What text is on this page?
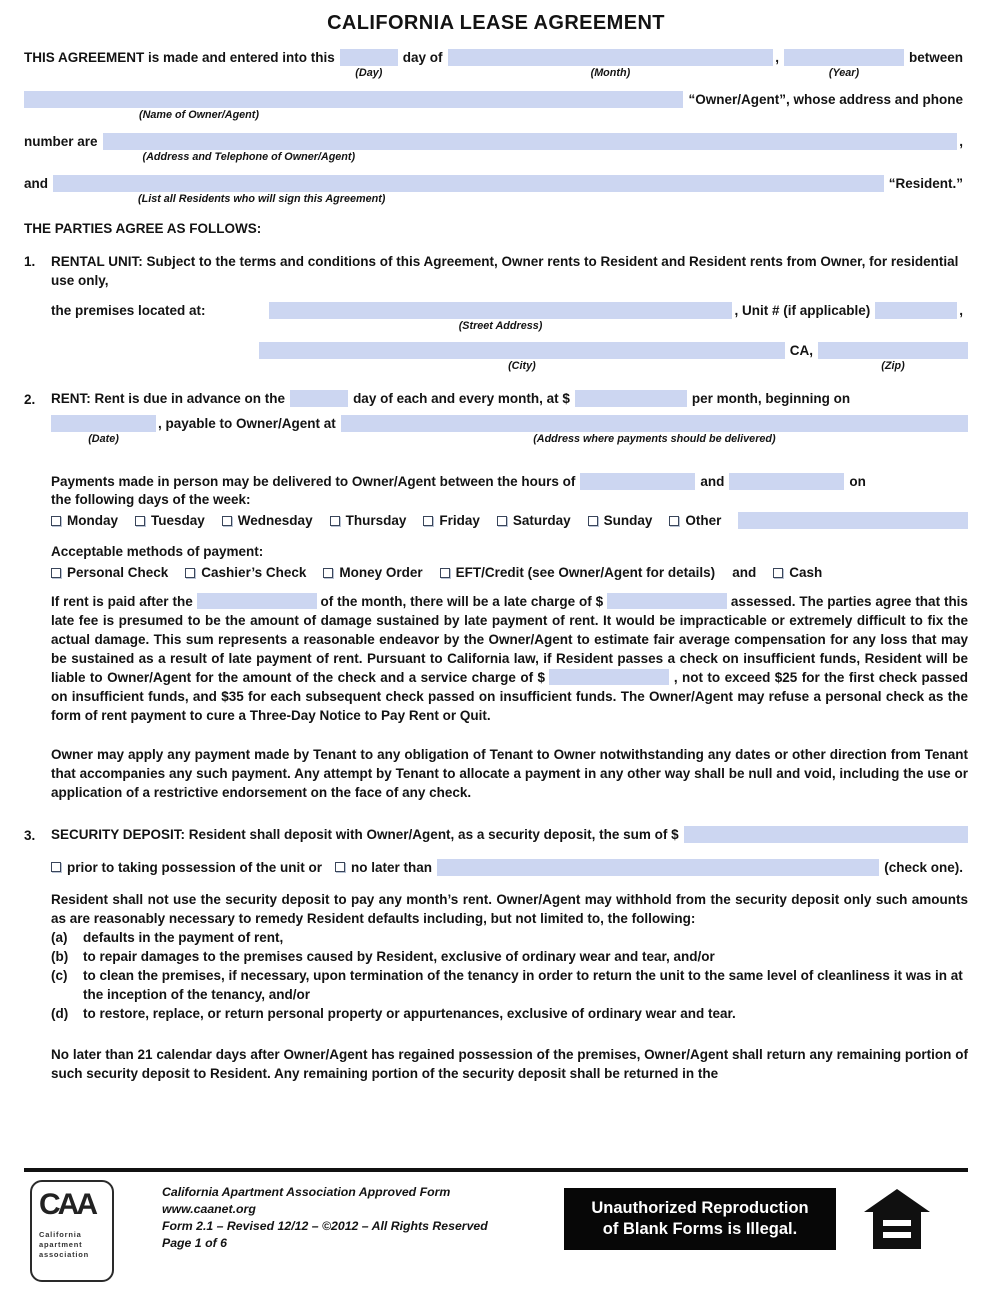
CALIFORNIA LEASE AGREEMENT
THIS AGREEMENT is made and entered into this
(Day)
day of
(Month)
,
(Year)
between
(Name of Owner/Agent)
“Owner/Agent”, whose address and phone
number are
(Address and Telephone of Owner/Agent)
,
and
(List all Residents who will sign this Agreement)
“Resident.”
THE PARTIES AGREE AS FOLLOWS:
1.	RENTAL UNIT: Subject to the terms and conditions of this Agreement, Owner rents to Resident and Resident rents from Owner, for residential use only,

the premises located at:
(Street Address)
, Unit # (if applicable)	,
(City)
CA,
(Zip)
2.	RENT: Rent is due in advance on the	day of each and every month, at $	per month, beginning on
(Date)
, payable to Owner/Agent at
(Address where payments should be delivered)
Payments made in person may be delivered to Owner/Agent between the hours of	and	on

the following days of the week:

Monday Tuesday Wednesday Thursday Friday Saturday Sunday Other

Acceptable methods of payment:

Personal Check Cashier’s Check Money Order EFT/Credit (see Owner/Agent for details) and Cash

If rent is paid after the	of the month, there will be a late charge of $	assessed. The parties agree that this late fee is presumed to be the amount of damage sustained by late payment of rent. It would be impracticable or extremely difficult to fix the actual damage. This sum represents a reasonable endeavor by the Owner/Agent to estimate fair average compensation for any loss that may be sustained as a result of late payment of rent. Pursuant to California law, if Resident passes a check on insufficient funds, Resident will be liable to Owner/Agent for the amount of the check and a service charge of $	, not to exceed $25 for the first check passed on insufficient funds, and $35 for each subsequent check passed on insufficient funds. The Owner/Agent may refuse a personal check as the form of rent payment to cure a Three-Day Notice to Pay Rent or Quit.

Owner may apply any payment made by Tenant to any obligation of Tenant to Owner notwithstanding any dates or other direction from Tenant that accompanies any such payment. Any attempt by Tenant to allocate a payment in any other way shall be null and void, including the use or application of a restrictive endorsement on the face of any check.

3.	SECURITY DEPOSIT: Resident shall deposit with Owner/Agent, as a security deposit, the sum of $
prior to taking possession of the unit or	no later than	(check one).

Resident shall not use the security deposit to pay any month’s rent. Owner/Agent may withhold from the security deposit only such amounts as are reasonably necessary to remedy Resident defaults including, but not limited to, the following:

(a)	defaults in the payment of rent,
(b)	to repair damages to the premises caused by Resident, exclusive of ordinary wear and tear, and/or
(c)	to clean the premises, if necessary, upon termination of the tenancy in order to return the unit to the same level of cleanliness it was in at the inception of the tenancy, and/or
(d)	to restore, replace, or return personal property or appurtenances, exclusive of ordinary wear and tear.

No later than 21 calendar days after Owner/Agent has regained possession of the premises, Owner/Agent shall return any remaining portion of such security deposit to Resident. Any remaining portion of the security deposit shall be returned in the

CAA
California
apartment
association
California Apartment Association Approved Form
www.caanet.org
Form 2.1 – Revised 12/12 – ©2012 – All Rights Reserved
Page 1 of 6
Unauthorized Reproduction
of Blank Forms is Illegal.
